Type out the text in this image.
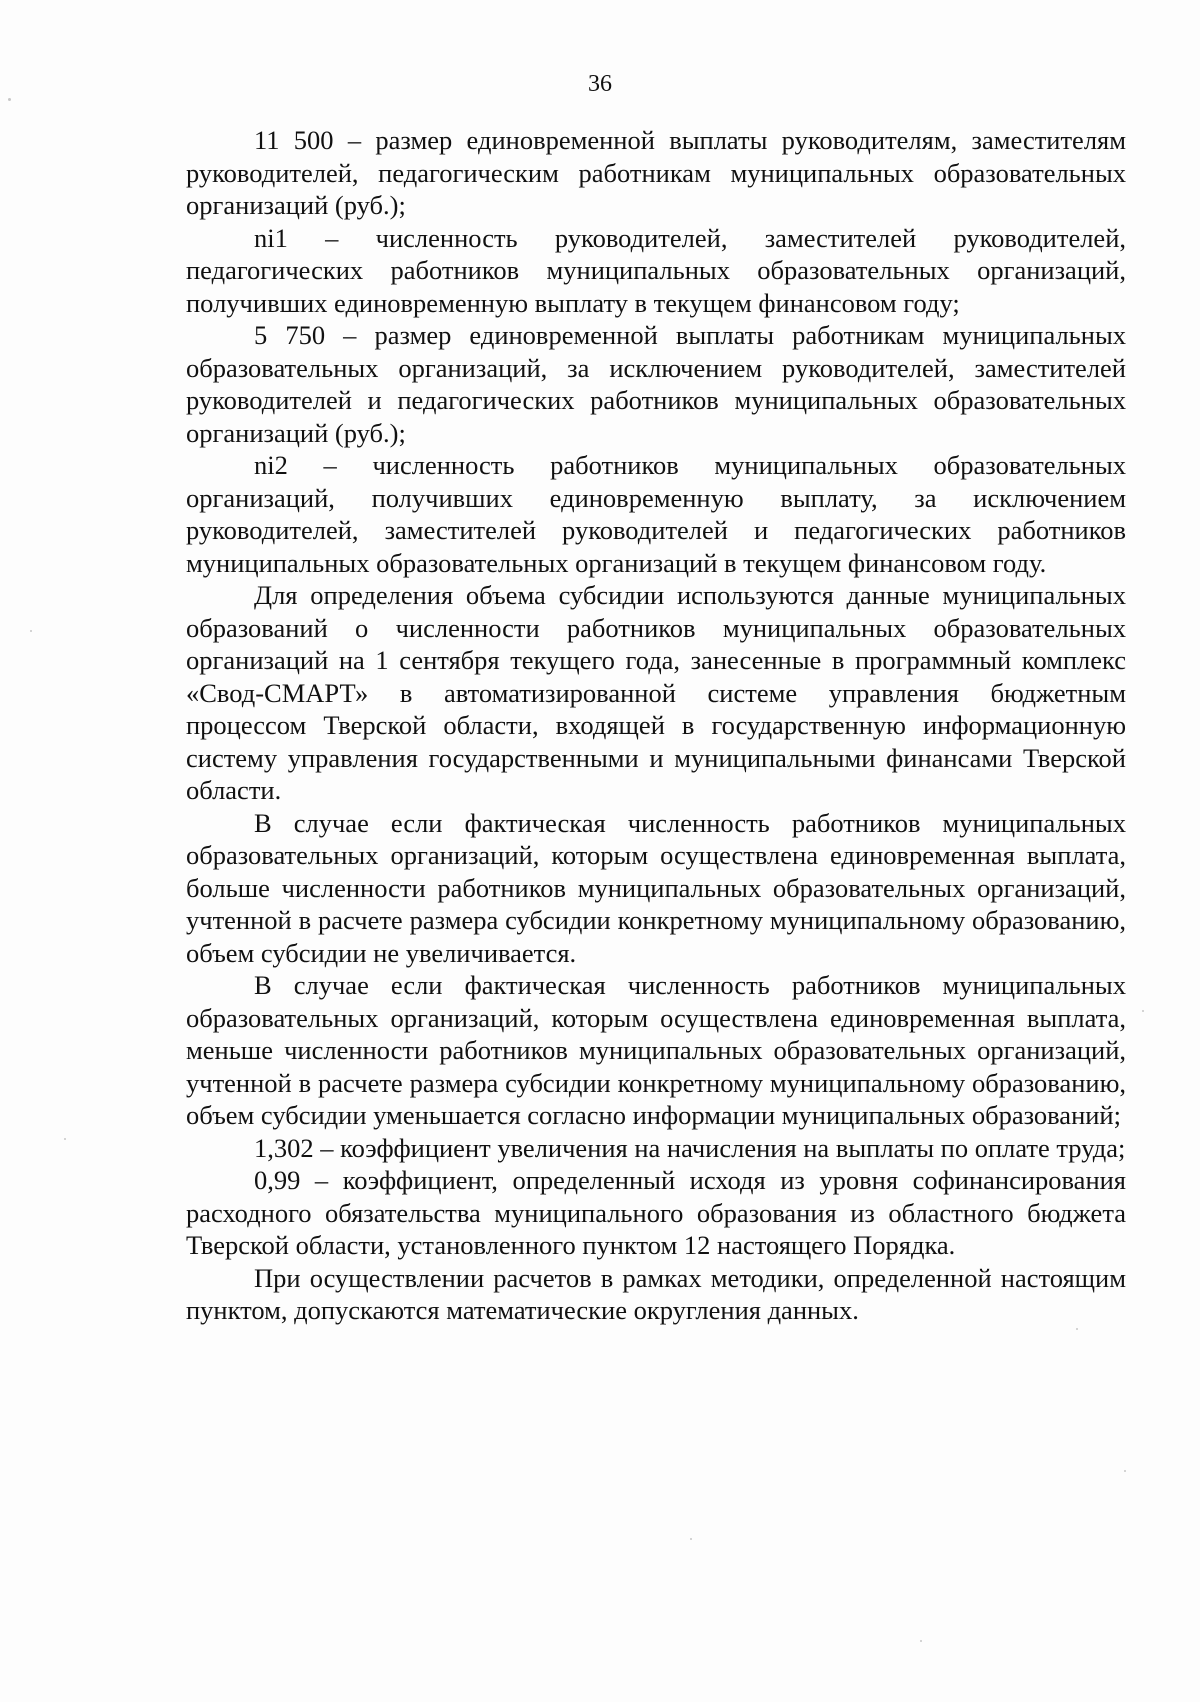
36

11 500 – размер единовременной выплаты руководителям, заместителям руководителей, педагогическим работникам муниципальных образовательных организаций (руб.);

ni1 – численность руководителей, заместителей руководителей, педагогических работников муниципальных образовательных организаций, получивших единовременную выплату в текущем финансовом году;

5 750 – размер единовременной выплаты работникам муниципальных образовательных организаций, за исключением руководителей, заместителей руководителей и педагогических работников муниципальных образовательных организаций (руб.);

ni2 – численность работников муниципальных образовательных организаций, получивших единовременную выплату, за исключением руководителей, заместителей руководителей и педагогических работников муниципальных образовательных организаций в текущем финансовом году.

Для определения объема субсидии используются данные муниципальных образований о численности работников муниципальных образовательных организаций на 1 сентября текущего года, занесенные в программный комплекс «Свод-СМАРТ» в автоматизированной системе управления бюджетным процессом Тверской области, входящей в государственную информационную систему управления государственными и муниципальными финансами Тверской области.

В случае если фактическая численность работников муниципальных образовательных организаций, которым осуществлена единовременная выплата, больше численности работников муниципальных образовательных организаций, учтенной в расчете размера субсидии конкретному муниципальному образованию, объем субсидии не увеличивается.

В случае если фактическая численность работников муниципальных образовательных организаций, которым осуществлена единовременная выплата, меньше численности работников муниципальных образовательных организаций, учтенной в расчете размера субсидии конкретному муниципальному образованию, объем субсидии уменьшается согласно информации муниципальных образований;

1,302 – коэффициент увеличения на начисления на выплаты по оплате труда;

0,99 – коэффициент, определенный исходя из уровня софинансирования расходного обязательства муниципального образования из областного бюджета Тверской области, установленного пунктом 12 настоящего Порядка.

При осуществлении расчетов в рамках методики, определенной настоящим пунктом, допускаются математические округления данных.
